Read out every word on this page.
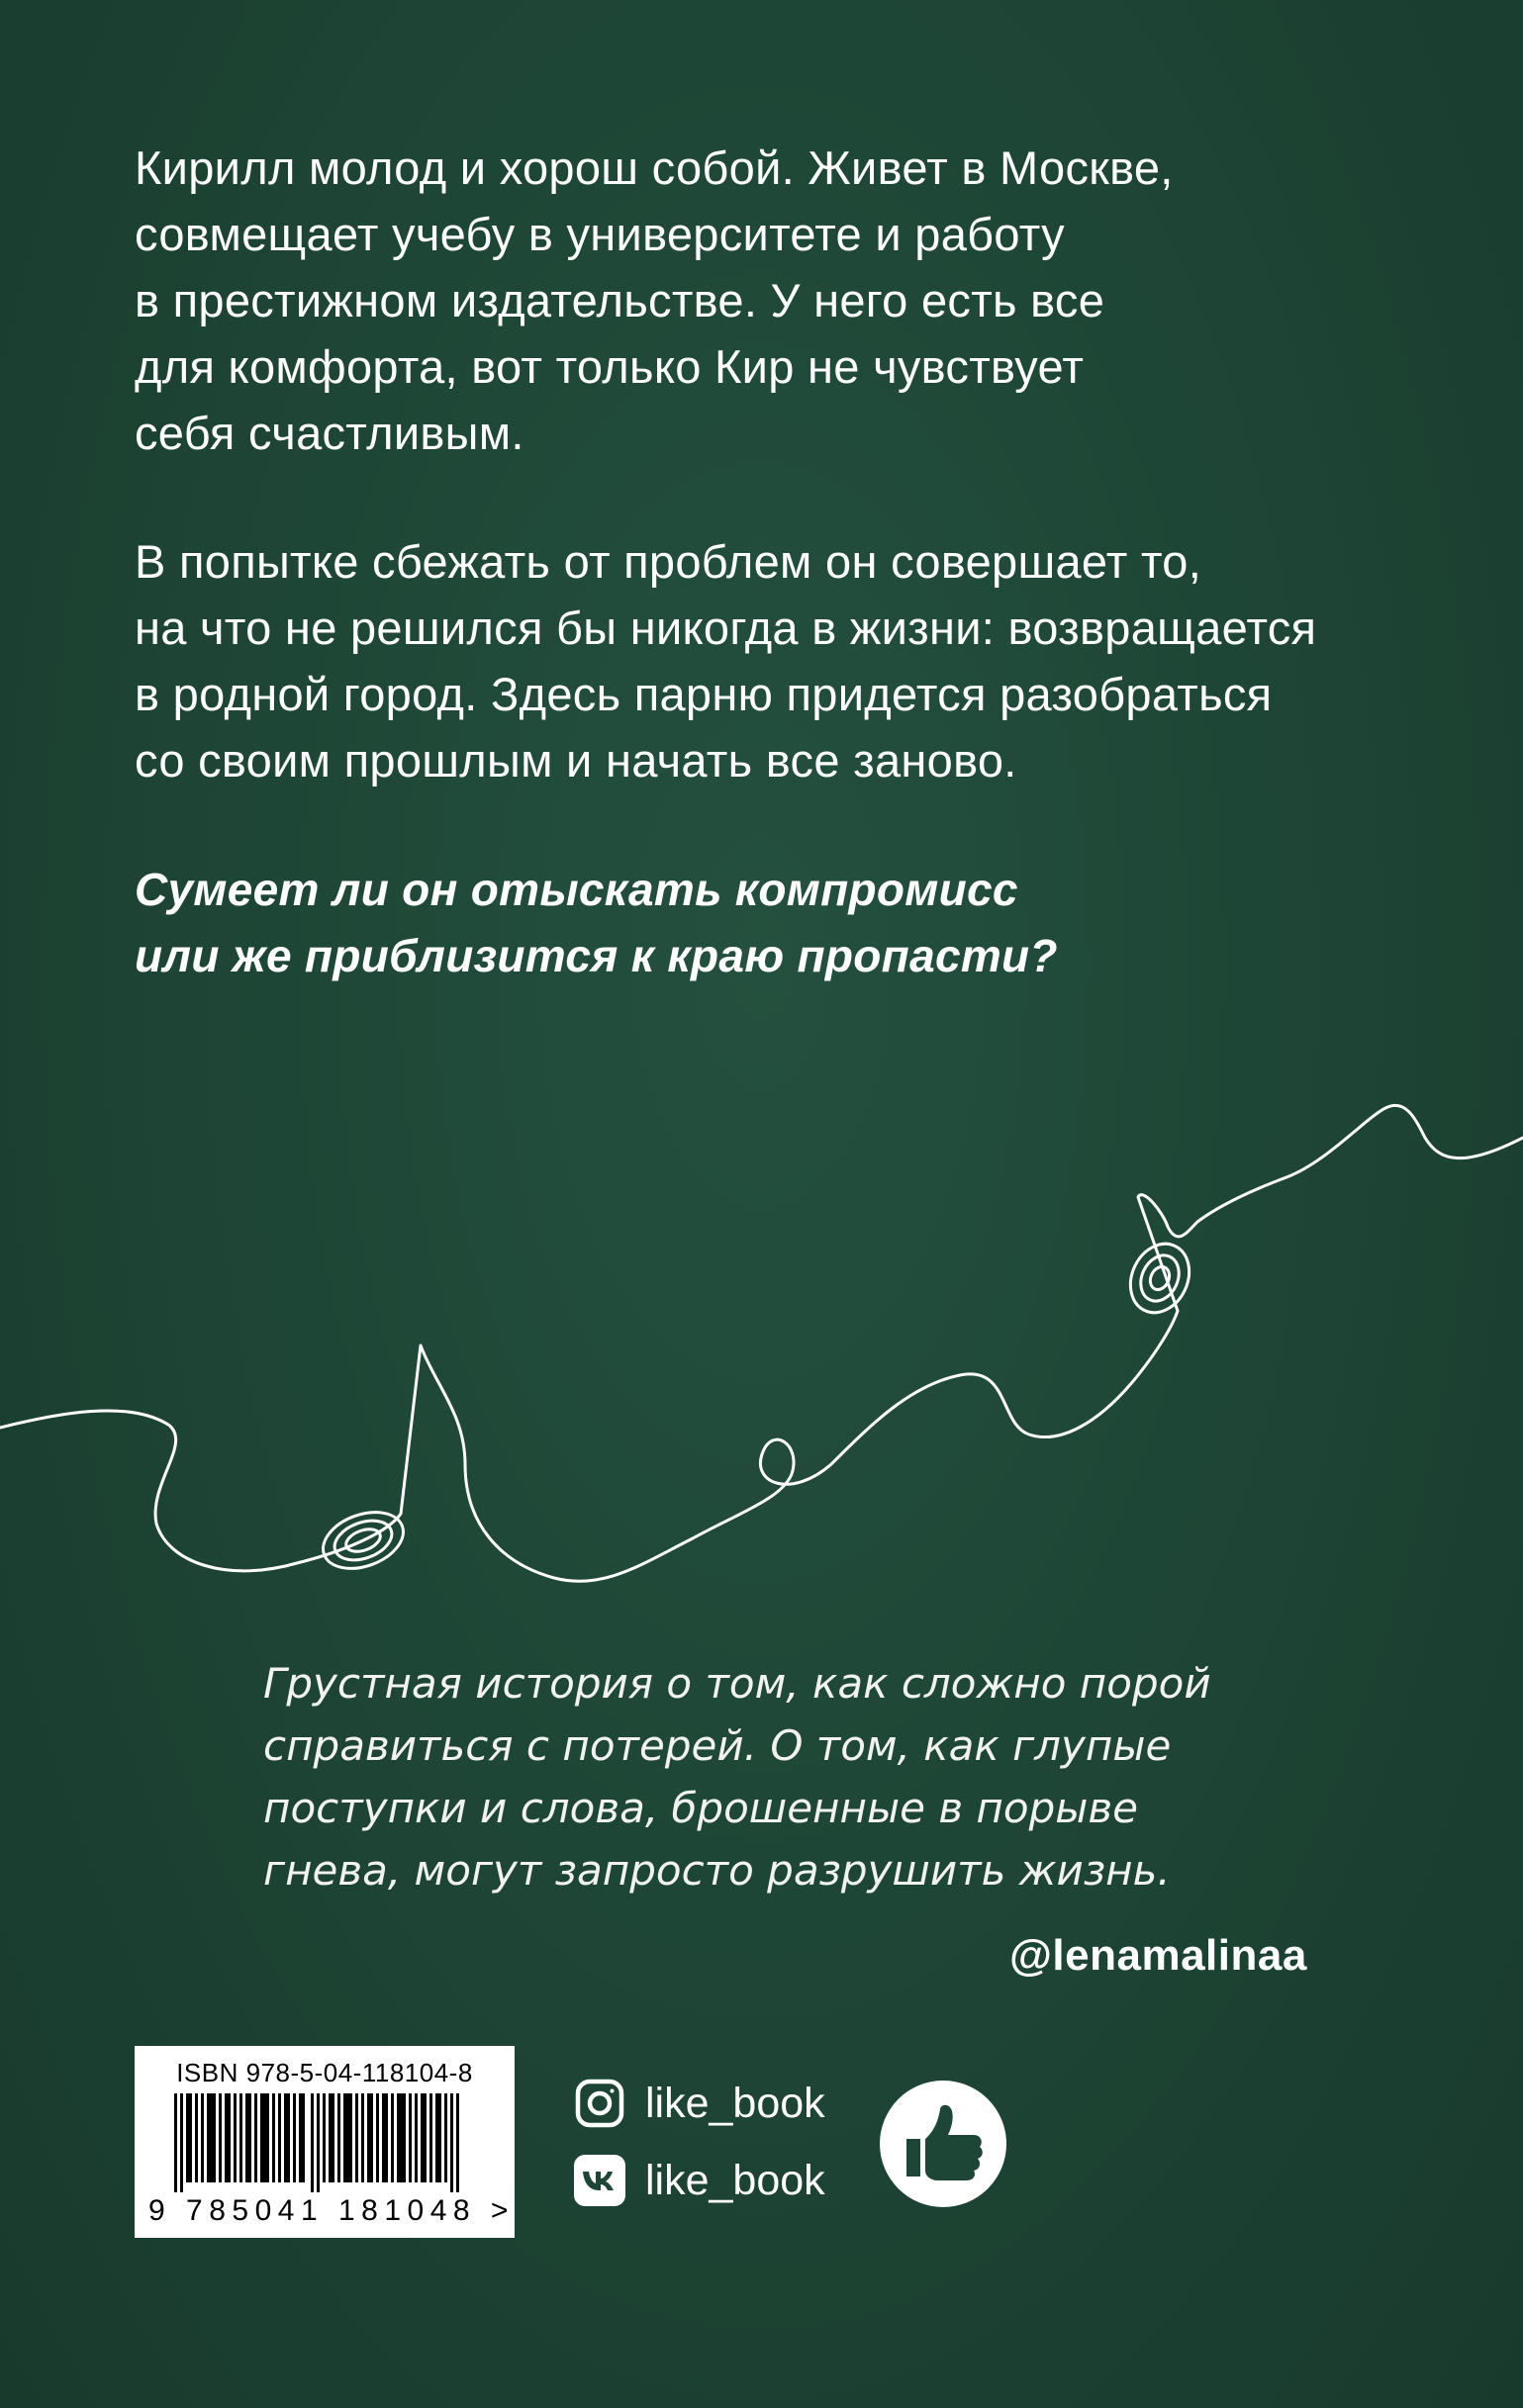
Кирилл молод и хорош собой. Живет в Москве,
совмещает учебу в университете и работу
в престижном издательстве. У него есть все
для комфорта, вот только Кир не чувствует
себя счастливым.

В попытке сбежать от проблем он совершает то,
на что не решился бы никогда в жизни: возвращается
в родной город. Здесь парню придется разобраться
со своим прошлым и начать все заново.

Сумеет ли он отыскать компромисс
или же приблизится к краю пропасти?

Грустная история о том, как сложно порой
справиться с потерей. О том, как глупые
поступки и слова, брошенные в порыве
гнева, могут запросто разрушить жизнь.

@lenamalinaa
ISBN 978-5-04-118104-8
9 785041 181048 >
like_book
like_book
